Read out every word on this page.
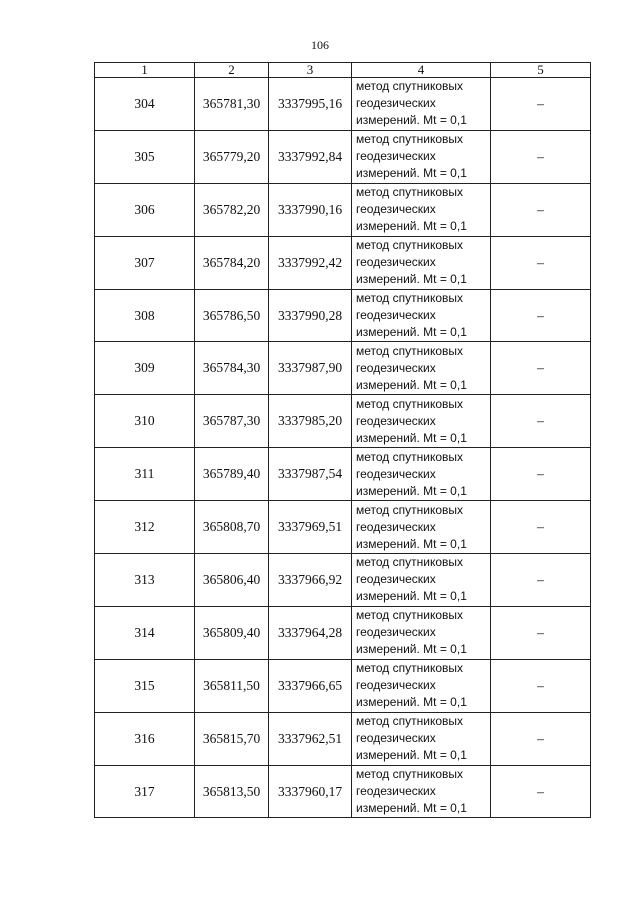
106
1	2	3	4	5
304	365781,30	3337995,16	метод спутниковых
геодезических
измерений. Mt = 0,1	–
305	365779,20	3337992,84	метод спутниковых
геодезических
измерений. Mt = 0,1	–
306	365782,20	3337990,16	метод спутниковых
геодезических
измерений. Mt = 0,1	–
307	365784,20	3337992,42	метод спутниковых
геодезических
измерений. Mt = 0,1	–
308	365786,50	3337990,28	метод спутниковых
геодезических
измерений. Mt = 0,1	–
309	365784,30	3337987,90	метод спутниковых
геодезических
измерений. Mt = 0,1	–
310	365787,30	3337985,20	метод спутниковых
геодезических
измерений. Mt = 0,1	–
311	365789,40	3337987,54	метод спутниковых
геодезических
измерений. Mt = 0,1	–
312	365808,70	3337969,51	метод спутниковых
геодезических
измерений. Mt = 0,1	–
313	365806,40	3337966,92	метод спутниковых
геодезических
измерений. Mt = 0,1	–
314	365809,40	3337964,28	метод спутниковых
геодезических
измерений. Mt = 0,1	–
315	365811,50	3337966,65	метод спутниковых
геодезических
измерений. Mt = 0,1	–
316	365815,70	3337962,51	метод спутниковых
геодезических
измерений. Mt = 0,1	–
317	365813,50	3337960,17	метод спутниковых
геодезических
измерений. Mt = 0,1	–
